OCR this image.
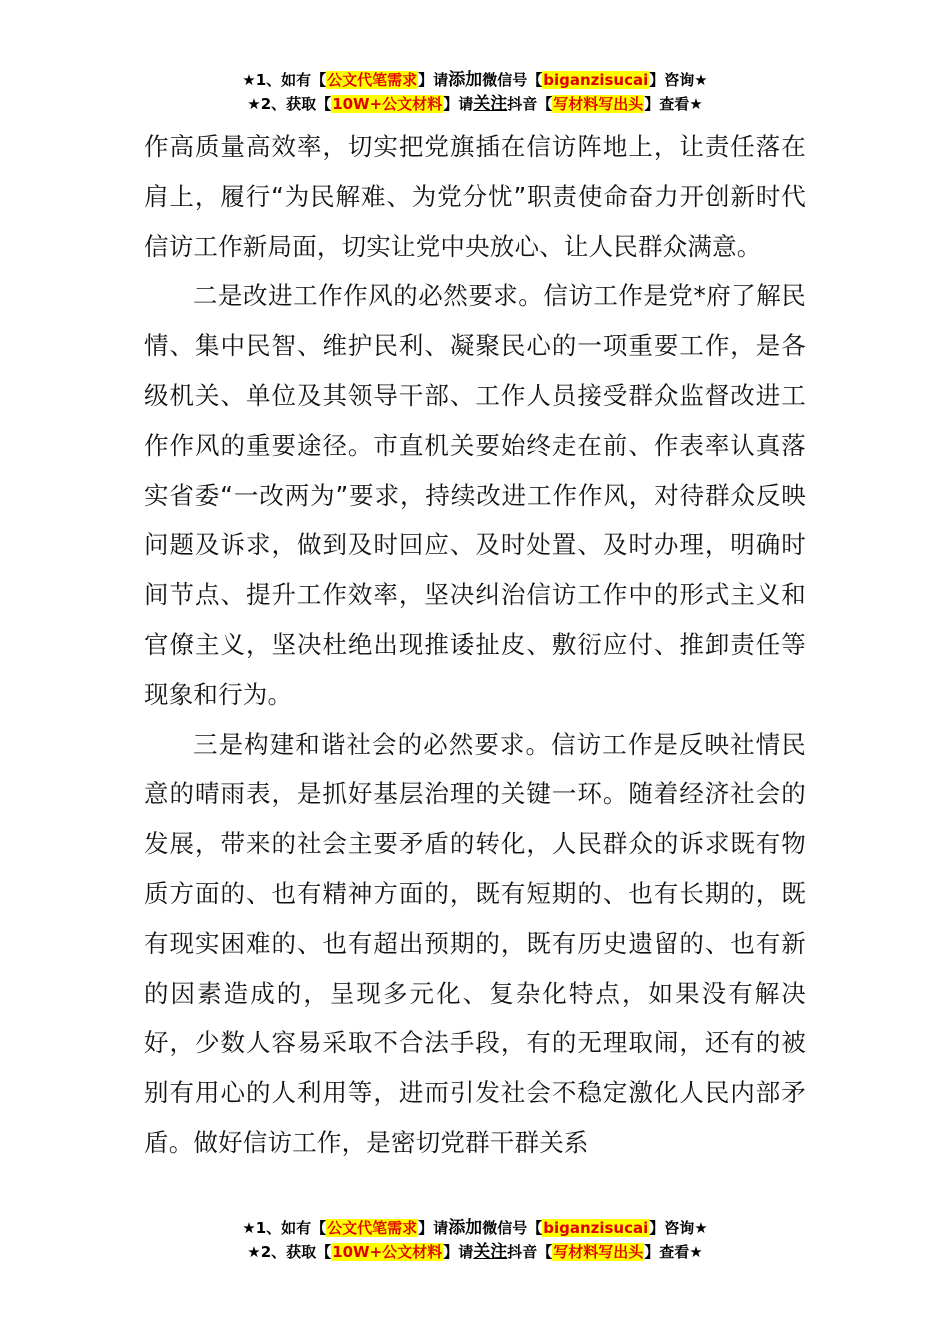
★1、如有【公文代笔需求】请添加微信号【biganzisucai】咨询★
★2、获取【10W+公文材料】请关注抖音【写材料写出头】查看★

作高质量高效率，切实把党旗插在信访阵地上，让责任落在肩上，履行“为民解难、为党分忧”职责使命奋力开创新时代信访工作新局面，切实让党中央放心、让人民群众满意。

二是改进工作作风的必然要求。信访工作是党*府了解民情、集中民智、维护民利、凝聚民心的一项重要工作，是各级机关、单位及其领导干部、工作人员接受群众监督改进工作作风的重要途径。市直机关要始终走在前、作表率认真落实省委“一改两为”要求，持续改进工作作风，对待群众反映问题及诉求，做到及时回应、及时处置、及时办理，明确时间节点、提升工作效率，坚决纠治信访工作中的形式主义和官僚主义，坚决杜绝出现推诿扯皮、敷衍应付、推卸责任等现象和行为。

三是构建和谐社会的必然要求。信访工作是反映社情民意的晴雨表，是抓好基层治理的关键一环。随着经济社会的发展，带来的社会主要矛盾的转化，人民群众的诉求既有物质方面的、也有精神方面的，既有短期的、也有长期的，既有现实困难的、也有超出预期的，既有历史遗留的、也有新的因素造成的，呈现多元化、复杂化特点，如果没有解决好，少数人容易采取不合法手段，有的无理取闹，还有的被别有用心的人利用等，进而引发社会不稳定激化人民内部矛盾。做好信访工作，是密切党群干群关系

★1、如有【公文代笔需求】请添加微信号【biganzisucai】咨询★
★2、获取【10W+公文材料】请关注抖音【写材料写出头】查看★
